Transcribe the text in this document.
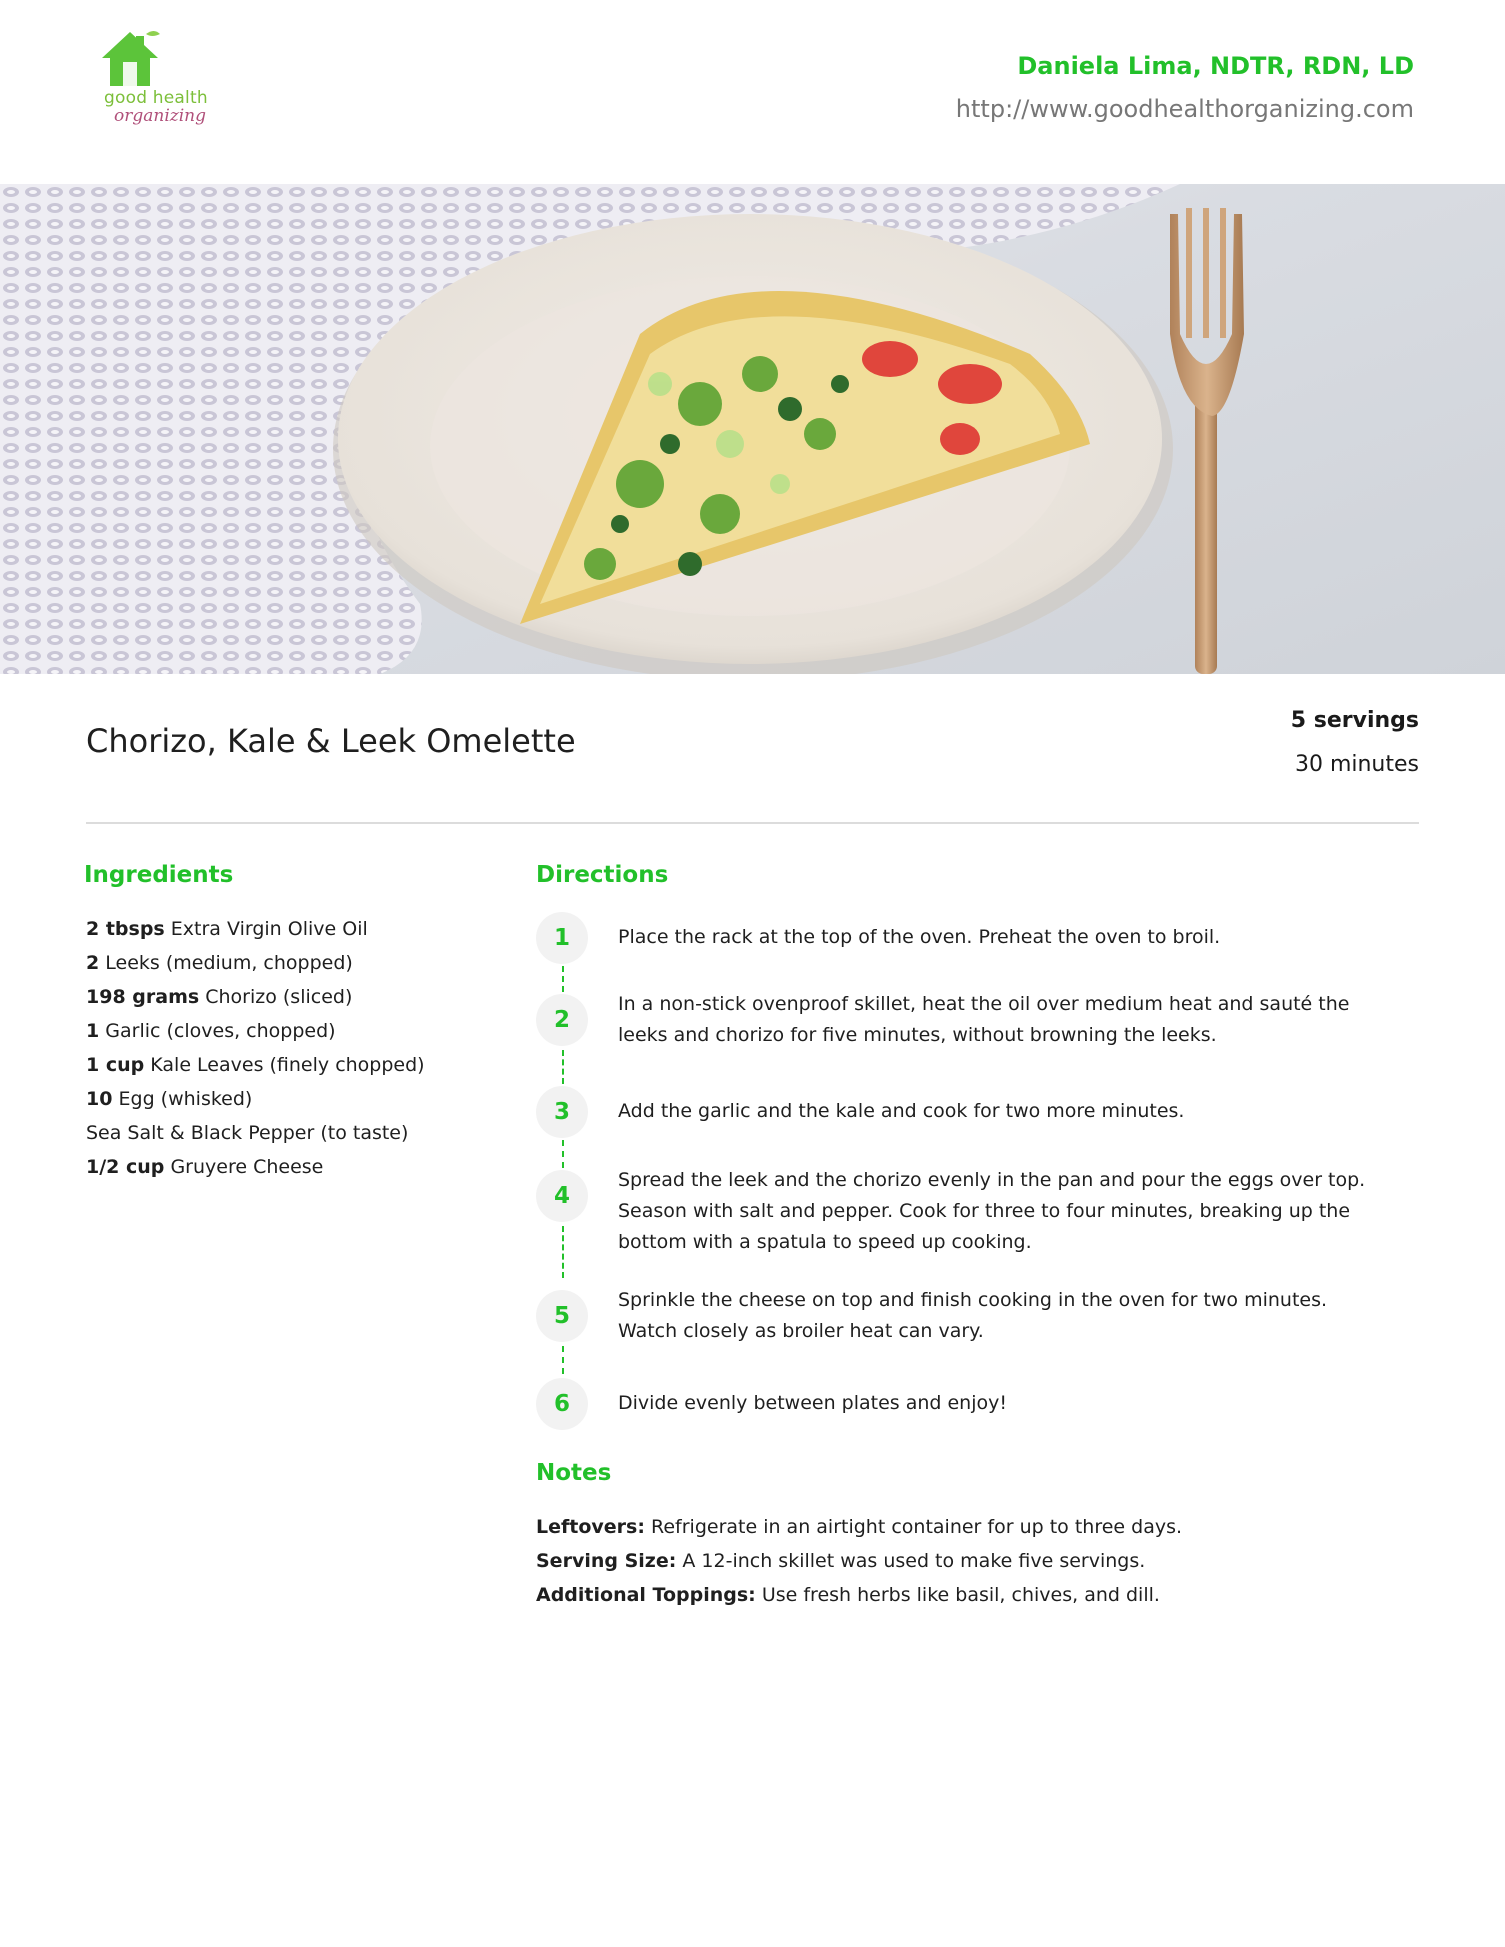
good health
organizing
Daniela Lima, NDTR, RDN, LD
http://www.goodhealthorganizing.com
Chorizo, Kale & Leek Omelette
5 servings
30 minutes
Ingredients
2 tbsps Extra Virgin Olive Oil
2 Leeks (medium, chopped)
198 grams Chorizo (sliced)
1 Garlic (cloves, chopped)
1 cup Kale Leaves (finely chopped)
10 Egg (whisked)
Sea Salt & Black Pepper (to taste)
1/2 cup Gruyere Cheese
Directions
1	Place the rack at the top of the oven. Preheat the oven to broil.
2
In a non-stick ovenproof skillet, heat the oil over medium heat and sauté the leeks and chorizo for five minutes, without browning the leeks.
3	Add the garlic and the kale and cook for two more minutes.
4
Spread the leek and the chorizo evenly in the pan and pour the eggs over top. Season with salt and pepper. Cook for three to four minutes, breaking up the bottom with a spatula to speed up cooking.
5
Sprinkle the cheese on top and finish cooking in the oven for two minutes. Watch closely as broiler heat can vary.
6	Divide evenly between plates and enjoy!
Notes

Leftovers: Refrigerate in an airtight container for up to three days.

Serving Size: A 12-inch skillet was used to make five servings.

Additional Toppings: Use fresh herbs like basil, chives, and dill.
